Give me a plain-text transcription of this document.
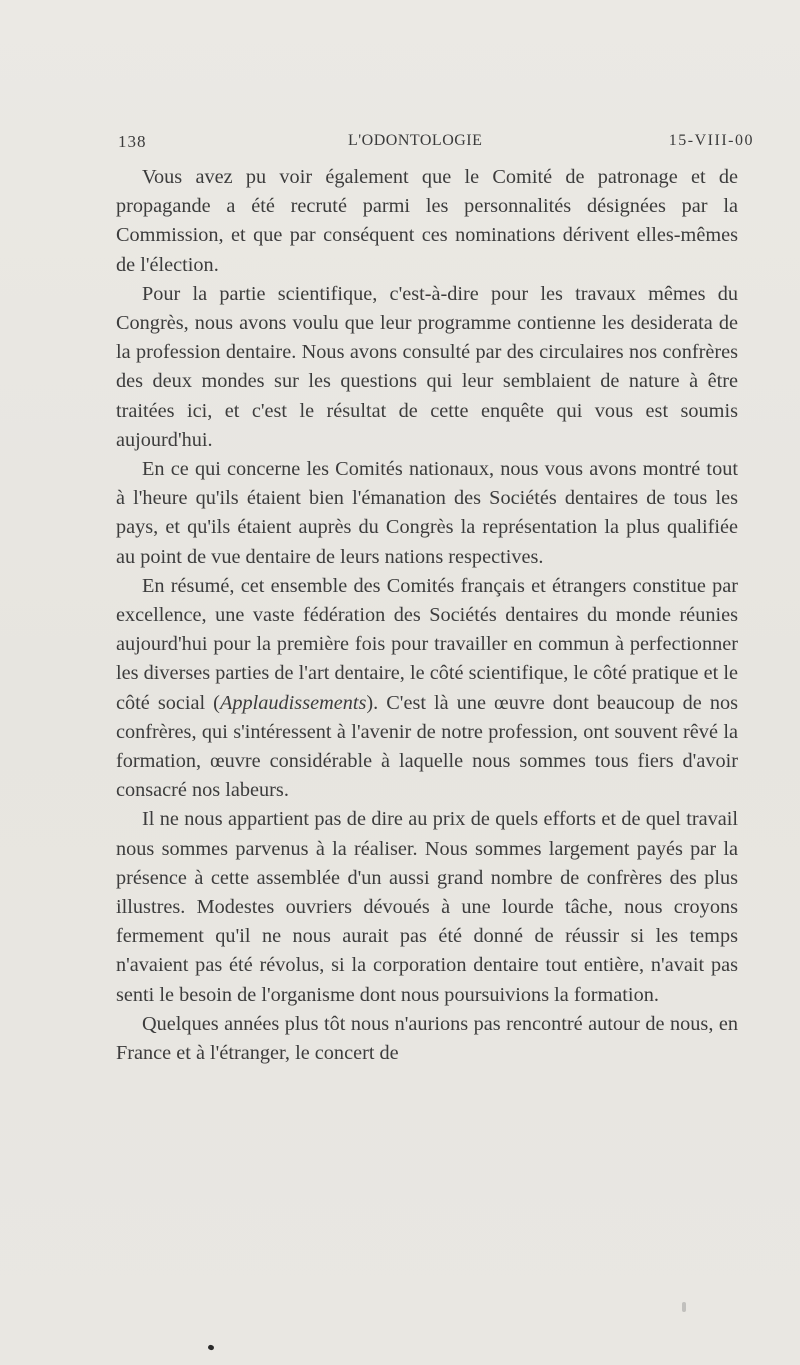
138	L'ODONTOLOGIE	15-VIII-00

Vous avez pu voir également que le Comité de patronage et de propagande a été recruté parmi les personnalités désignées par la Commission, et que par conséquent ces nominations dérivent elles-mêmes de l'élection.

Pour la partie scientifique, c'est-à-dire pour les travaux mêmes du Congrès, nous avons voulu que leur programme contienne les desiderata de la profession dentaire. Nous avons consulté par des circulaires nos confrères des deux mondes sur les questions qui leur semblaient de nature à être traitées ici, et c'est le résultat de cette enquête qui vous est soumis aujourd'hui.

En ce qui concerne les Comités nationaux, nous vous avons montré tout à l'heure qu'ils étaient bien l'émanation des Sociétés dentaires de tous les pays, et qu'ils étaient auprès du Congrès la représentation la plus qualifiée au point de vue dentaire de leurs nations respectives.

En résumé, cet ensemble des Comités français et étrangers constitue par excellence, une vaste fédération des Sociétés dentaires du monde réunies aujourd'hui pour la première fois pour travailler en commun à perfectionner les diverses parties de l'art dentaire, le côté scientifique, le côté pratique et le côté social (Applaudissements). C'est là une œuvre dont beaucoup de nos confrères, qui s'intéressent à l'avenir de notre profession, ont souvent rêvé la formation, œuvre considérable à laquelle nous sommes tous fiers d'avoir consacré nos labeurs.

Il ne nous appartient pas de dire au prix de quels efforts et de quel travail nous sommes parvenus à la réaliser. Nous sommes largement payés par la présence à cette assemblée d'un aussi grand nombre de confrères des plus illustres. Modestes ouvriers dévoués à une lourde tâche, nous croyons fermement qu'il ne nous aurait pas été donné de réussir si les temps n'avaient pas été révolus, si la corporation dentaire tout entière, n'avait pas senti le besoin de l'organisme dont nous poursuivions la formation.

Quelques années plus tôt nous n'aurions pas rencontré autour de nous, en France et à l'étranger, le concert de
